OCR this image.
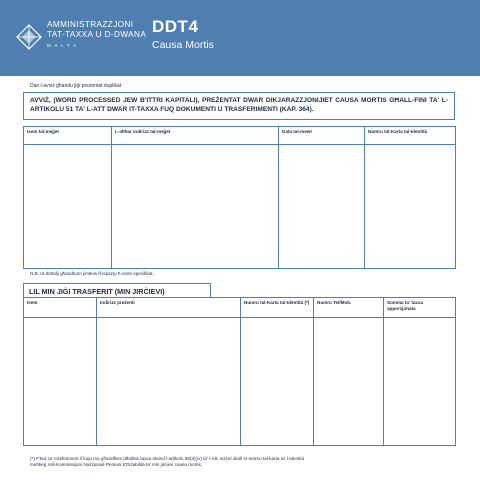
AMMINISTRAZZJONI
TAT-TAXXA U D-DWANA
MALTA
DDT4
Causa Mortis
Dan l-avviż għandu jiġi preżentat duplikat
AVVIŻ, (WORD PROCESSED JEW B'ITTRI KAPITALI), PREŻENTAT DWAR DIKJARAZZJONIJIET CAUSA MORTIS GĦALL-FINI TA' L-ARTIKOLU 51 TA' L-ATT DWAR IT-TAXXA FUQ DOKUMENTI U TRASFERIMENTI (KAP. 364).
Isem tal-mejjet	L-aħħar indirizz tal-mejjet	Data tal-mewt	Numru tal-Karta tal-Identità

N.B. Id-dettalji għandhom jimtlew fl-ispazju ħ-ordni speċifikat.
LIL MIN JIĠI TRASFERIT (MIN JIRĊIEVI)
Isem	Indirizz preżenti	Numru tal-Karta tal-Identità (*)	Numru Tel/Mob.	Somma ta' taxxa apporzjonata

(*) F'każ ta' trasferiment li fuqu ma għandhiex titħallas taxxa skond l-artikolu 35(2)(iv) ta' l-Att, niżżel ukoll in-numru tal-karta ta' l-identità
mehtieġ mill-Kummissjoni Nazzjonali Persuni b'Diżabilità ta' min jirċievi causa mortis.
